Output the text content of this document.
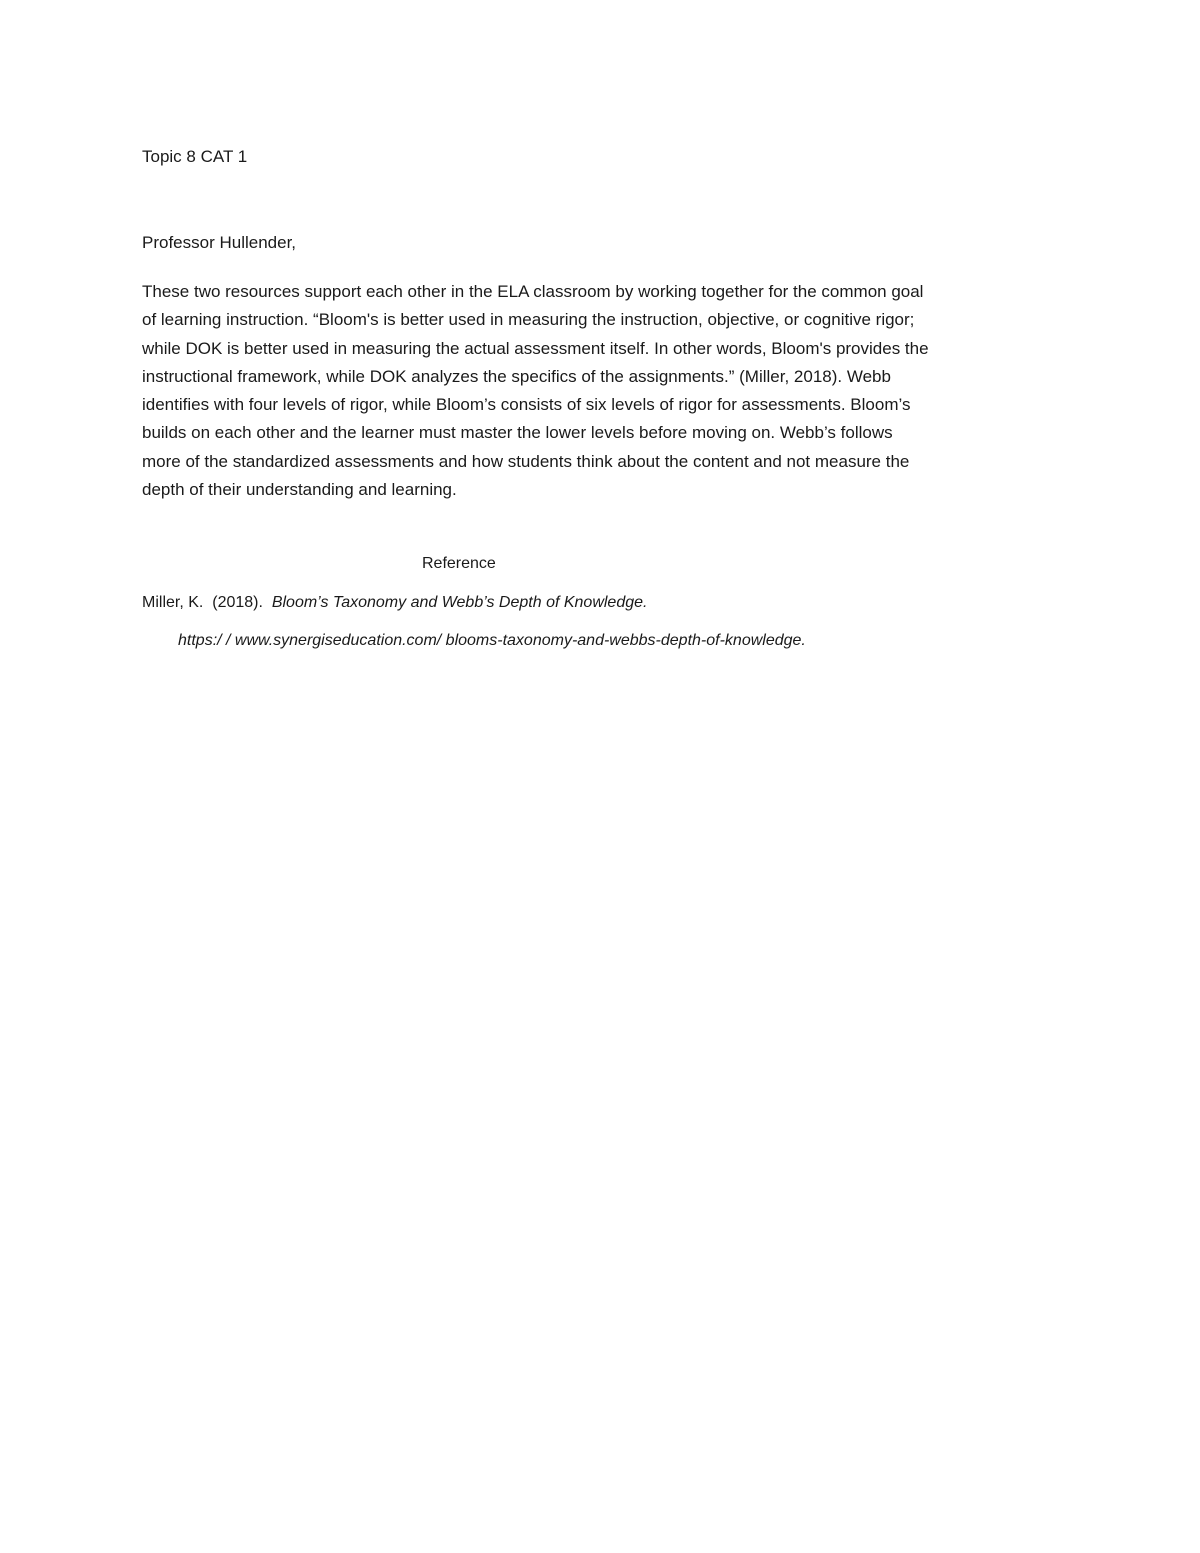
Topic 8 CAT 1
Professor Hullender,
These two resources support each other in the ELA classroom by working together for the common goal
of learning instruction. “Bloom's is better used in measuring the instruction, objective, or cognitive rigor;
while DOK is better used in measuring the actual assessment itself. In other words, Bloom's provides the
instructional framework, while DOK analyzes the specifics of the assignments.” (Miller, 2018). Webb
identifies with four levels of rigor, while Bloom’s consists of six levels of rigor for assessments. Bloom’s
builds on each other and the learner must master the lower levels before moving on. Webb’s follows
more of the standardized assessments and how students think about the content and not measure the
depth of their understanding and learning.
Reference
Miller, K.  (2018).  Bloom’s Taxonomy and Webb’s Depth of Knowledge.
https:/ / www.synergiseducation.com/ blooms-taxonomy-and-webbs-depth-of-knowledge.
